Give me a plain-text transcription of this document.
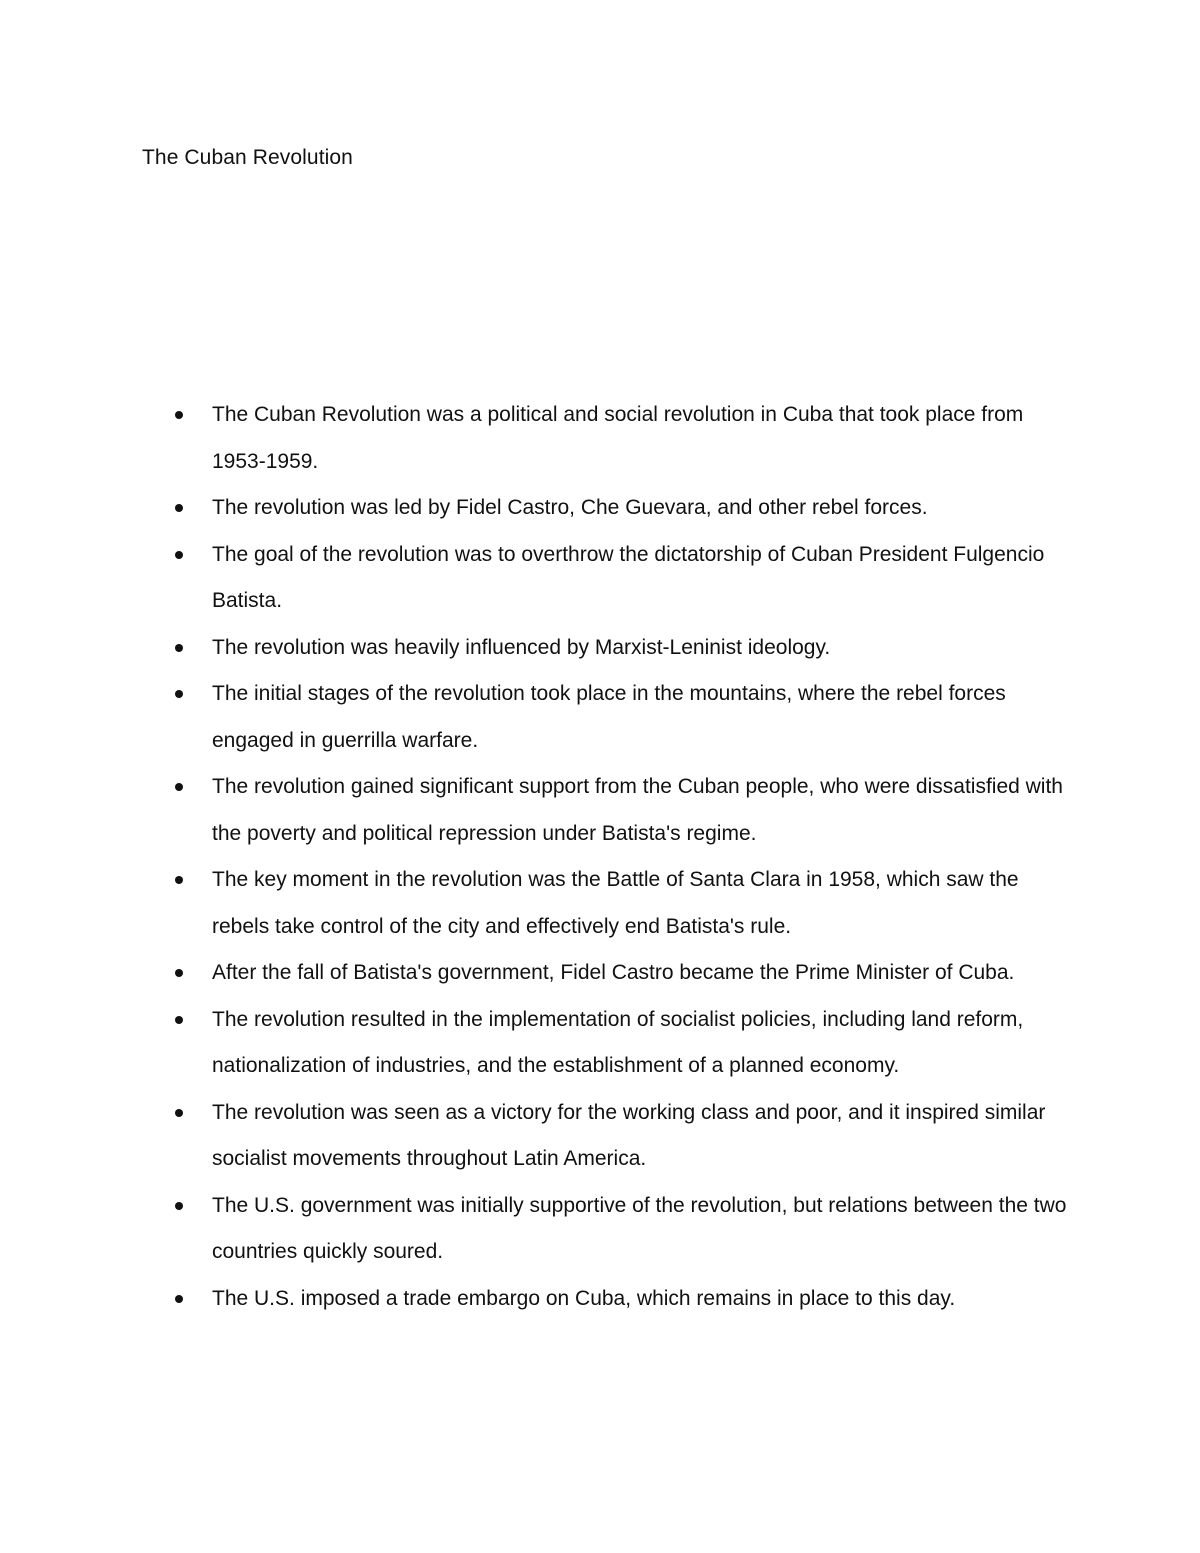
The Cuban Revolution
The Cuban Revolution was a political and social revolution in Cuba that took place from 1953-1959.
The revolution was led by Fidel Castro, Che Guevara, and other rebel forces.
The goal of the revolution was to overthrow the dictatorship of Cuban President Fulgencio Batista.
The revolution was heavily influenced by Marxist-Leninist ideology.
The initial stages of the revolution took place in the mountains, where the rebel forces engaged in guerrilla warfare.
The revolution gained significant support from the Cuban people, who were dissatisfied with the poverty and political repression under Batista's regime.
The key moment in the revolution was the Battle of Santa Clara in 1958, which saw the rebels take control of the city and effectively end Batista's rule.
After the fall of Batista's government, Fidel Castro became the Prime Minister of Cuba.
The revolution resulted in the implementation of socialist policies, including land reform, nationalization of industries, and the establishment of a planned economy.
The revolution was seen as a victory for the working class and poor, and it inspired similar socialist movements throughout Latin America.
The U.S. government was initially supportive of the revolution, but relations between the two countries quickly soured.
The U.S. imposed a trade embargo on Cuba, which remains in place to this day.
